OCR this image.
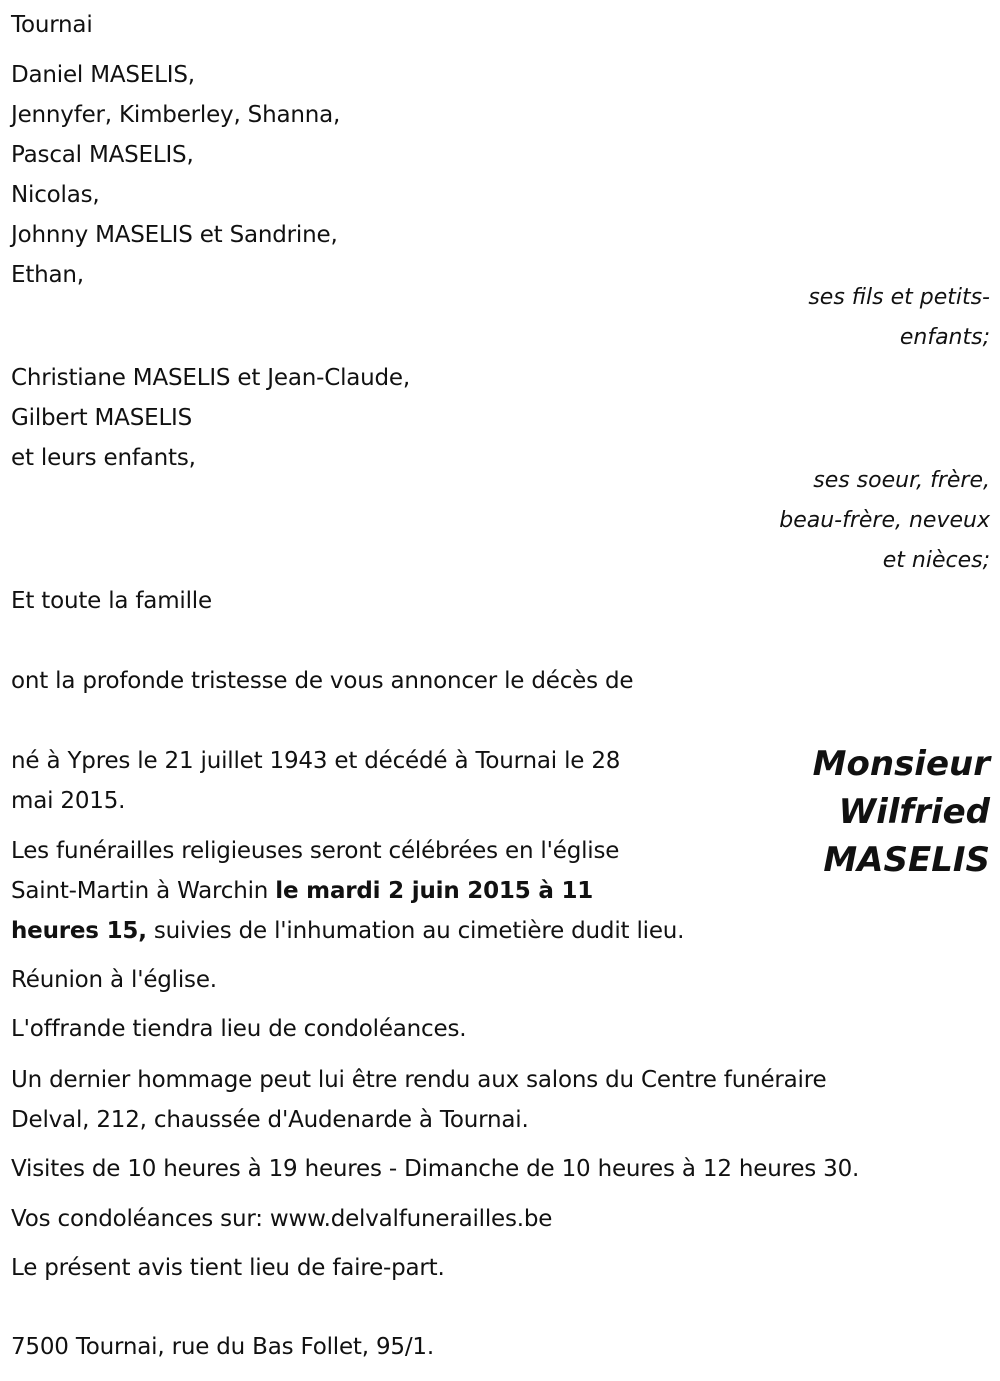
Tournai
Daniel MASELIS,
Jennyfer, Kimberley, Shanna,
Pascal MASELIS,
Nicolas,
Johnny MASELIS et Sandrine,
Ethan,
ses fils et petits-
enfants;
Christiane MASELIS et Jean-Claude,
Gilbert MASELIS
et leurs enfants,
ses soeur, frère,
beau-frère, neveux
et nièces;
Et toute la famille
ont la profonde tristesse de vous annoncer le décès de
Monsieur
Wilfried
MASELIS
né à Ypres le 21 juillet 1943 et décédé à Tournai le 28
mai 2015.
Les funérailles religieuses seront célébrées en l'église
Saint-Martin à Warchin le mardi 2 juin 2015 à 11
heures 15, suivies de l'inhumation au cimetière dudit lieu.
Réunion à l'église.
L'offrande tiendra lieu de condoléances.
Un dernier hommage peut lui être rendu aux salons du Centre funéraire
Delval, 212, chaussée d'Audenarde à Tournai.
Visites de 10 heures à 19 heures - Dimanche de 10 heures à 12 heures 30.
Vos condoléances sur: www.delvalfunerailles.be
Le présent avis tient lieu de faire-part.
7500 Tournai, rue du Bas Follet, 95/1.
